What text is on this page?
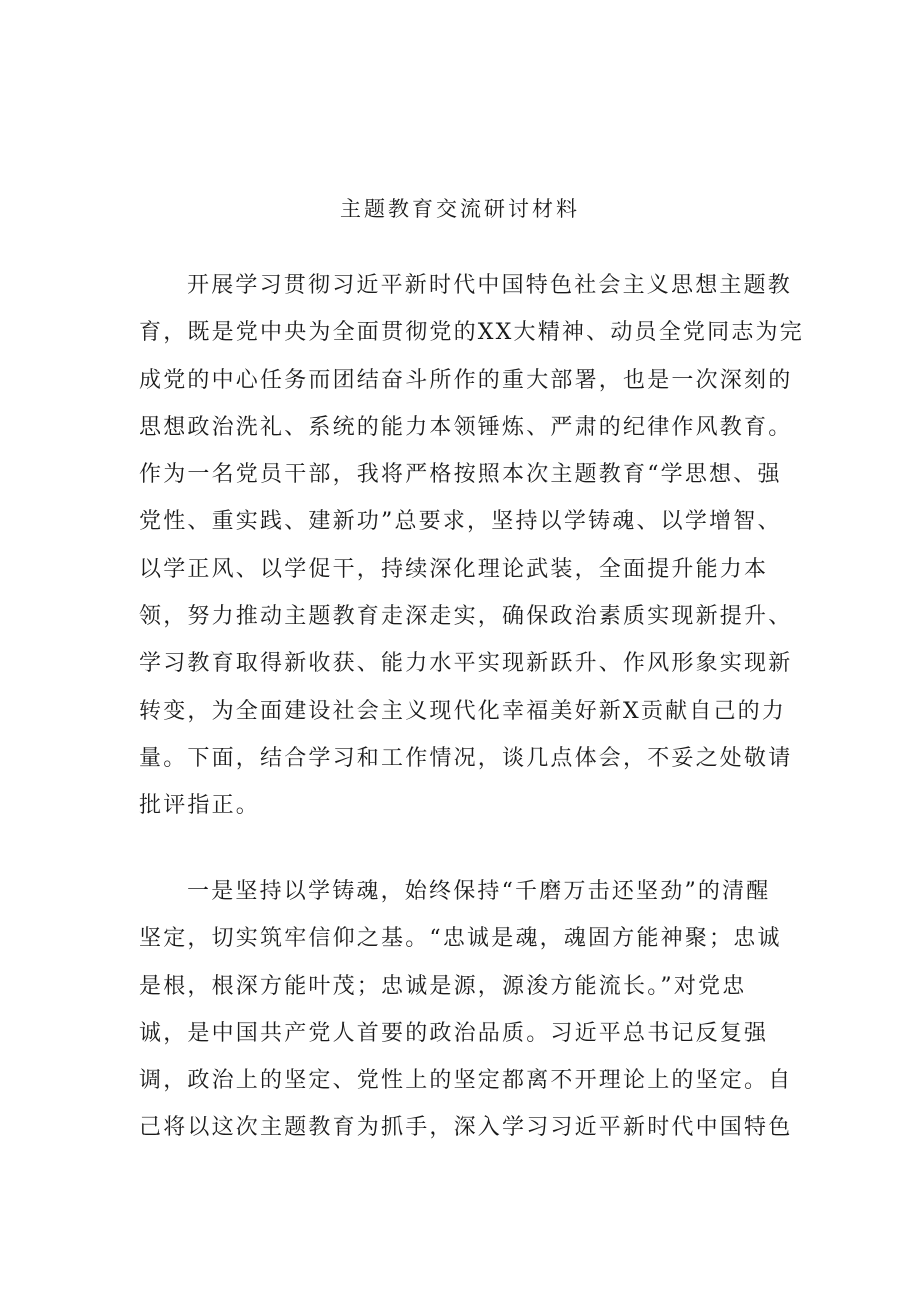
主题教育交流研讨材料
开展学习贯彻习近平新时代中国特色社会主义思想主题教
育，既是党中央为全面贯彻党的XX大精神、动员全党同志为完
成党的中心任务而团结奋斗所作的重大部署，也是一次深刻的
思想政治洗礼、系统的能力本领锤炼、严肃的纪律作风教育。
作为一名党员干部，我将严格按照本次主题教育“学思想、强
党性、重实践、建新功”总要求，坚持以学铸魂、以学增智、
以学正风、以学促干，持续深化理论武装，全面提升能力本
领，努力推动主题教育走深走实，确保政治素质实现新提升、
学习教育取得新收获、能力水平实现新跃升、作风形象实现新
转变，为全面建设社会主义现代化幸福美好新X贡献自己的力
量。下面，结合学习和工作情况，谈几点体会，不妥之处敬请
批评指正。
一是坚持以学铸魂，始终保持“千磨万击还坚劲”的清醒
坚定，切实筑牢信仰之基。“忠诚是魂，魂固方能神聚；忠诚
是根，根深方能叶茂；忠诚是源，源浚方能流长。”对党忠
诚，是中国共产党人首要的政治品质。习近平总书记反复强
调，政治上的坚定、党性上的坚定都离不开理论上的坚定。自
己将以这次主题教育为抓手，深入学习习近平新时代中国特色
